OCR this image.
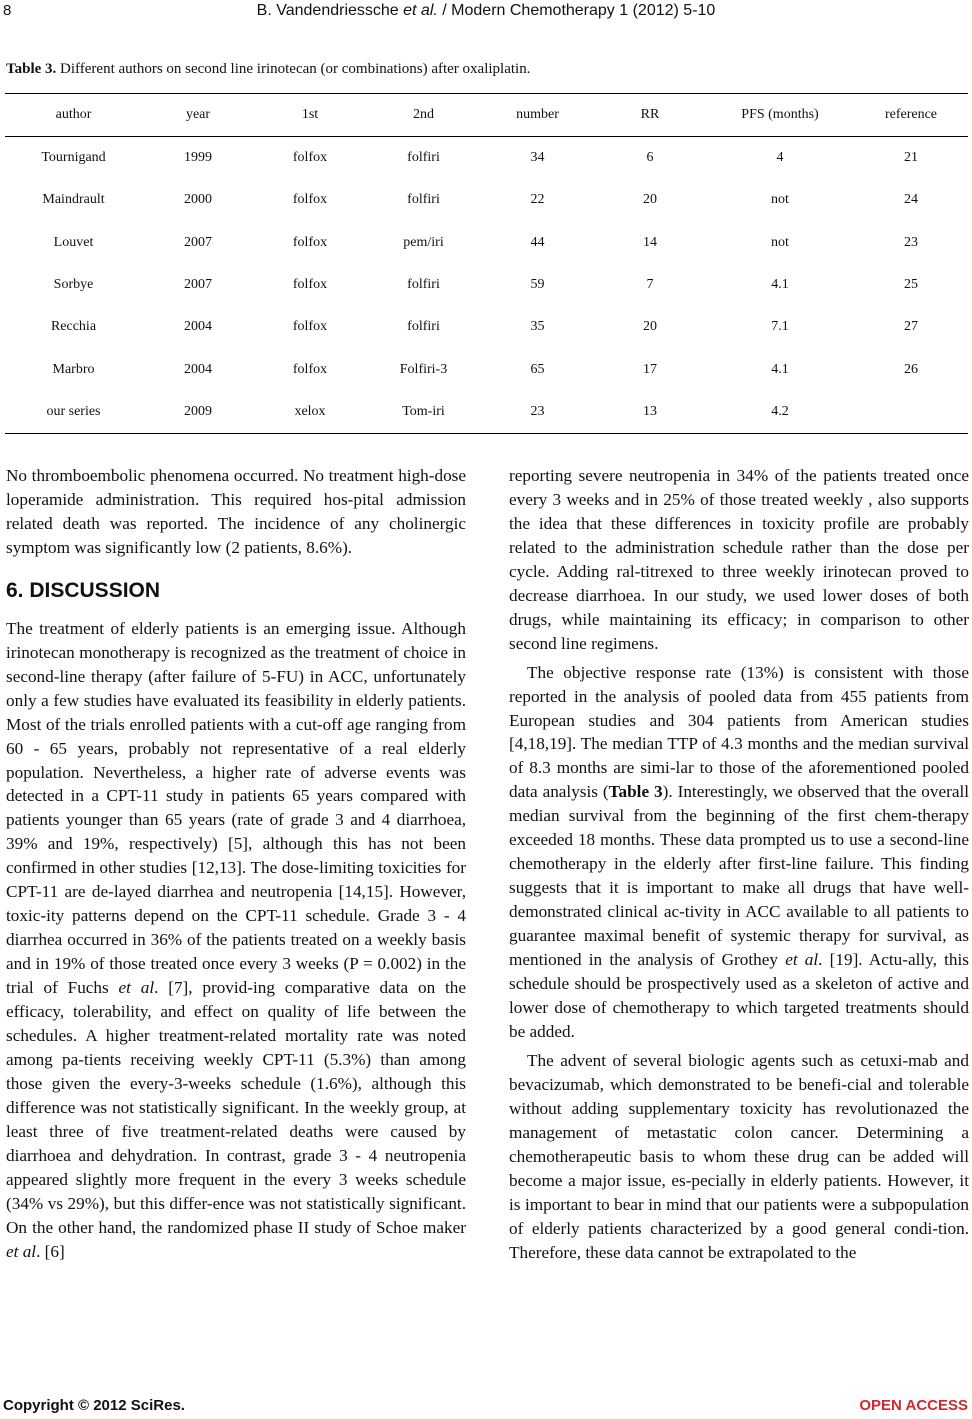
8	B. Vandendriessche et al. / Modern Chemotherapy 1 (2012) 5-10
Table 3. Different authors on second line irinotecan (or combinations) after oxaliplatin.
author	year	1st	2nd	number	RR	PFS (months)	reference
Tournigand	1999	folfox	folfiri	34	6	4	21
Maindrault	2000	folfox	folfiri	22	20	not	24
Louvet	2007	folfox	pem/iri	44	14	not	23
Sorbye	2007	folfox	folfiri	59	7	4.1	25
Recchia	2004	folfox	folfiri	35	20	7.1	27
Marbro	2004	folfox	Folfiri-3	65	17	4.1	26
our series	2009	xelox	Tom-iri	23	13	4.2	

No thromboembolic phenomena occurred. No treatment high-dose loperamide administration. This required hos-pital admission related death was reported. The incidence of any cholinergic symptom was significantly low (2 patients, 8.6%).

6. DISCUSSION

The treatment of elderly patients is an emerging issue. Although irinotecan monotherapy is recognized as the treatment of choice in second-line therapy (after failure of 5-FU) in ACC, unfortunately only a few studies have evaluated its feasibility in elderly patients. Most of the trials enrolled patients with a cut-off age ranging from 60 - 65 years, probably not representative of a real elderly population. Nevertheless, a higher rate of adverse events was detected in a CPT-11 study in patients 65 years compared with patients younger than 65 years (rate of grade 3 and 4 diarrhoea, 39% and 19%, respectively) [5], although this has not been confirmed in other studies [12,13]. The dose-limiting toxicities for CPT-11 are de-layed diarrhea and neutropenia [14,15]. However, toxic-ity patterns depend on the CPT-11 schedule. Grade 3 - 4 diarrhea occurred in 36% of the patients treated on a weekly basis and in 19% of those treated once every 3 weeks (P = 0.002) in the trial of Fuchs et al. [7], provid-ing comparative data on the efficacy, tolerability, and effect on quality of life between the schedules. A higher treatment-related mortality rate was noted among pa-tients receiving weekly CPT-11 (5.3%) than among those given the every-3-weeks schedule (1.6%), although this difference was not statistically significant. In the weekly group, at least three of five treatment-related deaths were caused by diarrhoea and dehydration. In contrast, grade 3 - 4 neutropenia appeared slightly more frequent in the every 3 weeks schedule (34% vs 29%), but this differ-ence was not statistically significant. On the other hand, the randomized phase II study of Schoe maker et al. [6]

reporting severe neutropenia in 34% of the patients treated once every 3 weeks and in 25% of those treated weekly , also supports the idea that these differences in toxicity profile are probably related to the administration schedule rather than the dose per cycle. Adding ral-titrexed to three weekly irinotecan proved to decrease diarrhoea. In our study, we used lower doses of both drugs, while maintaining its efficacy; in comparison to other second line regimens.

The objective response rate (13%) is consistent with those reported in the analysis of pooled data from 455 patients from European studies and 304 patients from American studies [4,18,19]. The median TTP of 4.3 months and the median survival of 8.3 months are simi-lar to those of the aforementioned pooled data analysis (Table 3). Interestingly, we observed that the overall median survival from the beginning of the first chem-therapy exceeded 18 months. These data prompted us to use a second-line chemotherapy in the elderly after first-line failure. This finding suggests that it is important to make all drugs that have well-demonstrated clinical ac-tivity in ACC available to all patients to guarantee maximal benefit of systemic therapy for survival, as mentioned in the analysis of Grothey et al. [19]. Actu-ally, this schedule should be prospectively used as a skeleton of active and lower dose of chemotherapy to which targeted treatments should be added.

The advent of several biologic agents such as cetuxi-mab and bevacizumab, which demonstrated to be benefi-cial and tolerable without adding supplementary toxicity has revolutionazed the management of metastatic colon cancer. Determining a chemotherapeutic basis to whom these drug can be added will become a major issue, es-pecially in elderly patients. However, it is important to bear in mind that our patients were a subpopulation of elderly patients characterized by a good general condi-tion. Therefore, these data cannot be extrapolated to the

Copyright © 2012 SciRes.	OPEN ACCESS
